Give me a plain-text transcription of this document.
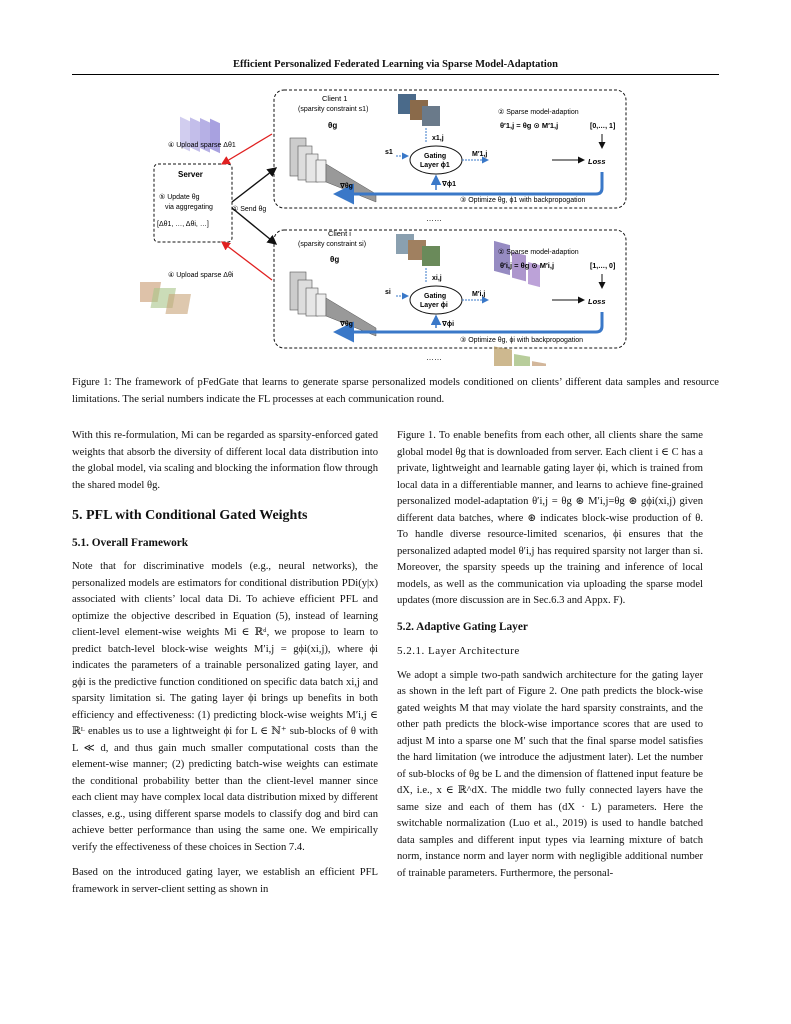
Efficient Personalized Federated Learning via Sparse Model-Adaptation
④ Upload sparse Δθ1
Server
⑤ Update θg
via aggregating
[Δθ1, …, Δθi, …]
① Send θg
④ Upload sparse Δθi
Client 1
(sparsity constraint s1)
θg
x1,j
s1
Gating
Layer ϕ1
M′1,j
② Sparse model-adaption
θ′1,j = θg ⊙ M′1,j	[0,…, 1]
Loss
∇θg	∇ϕ1
③ Optimize θg, ϕ1 with backpropogation
……
Client i
(sparsity constraint si)
θg
xi,j
si
Gating
Layer ϕi
M′i,j
② Sparse model-adaption
θ′i,j = θg ⊙ M′i,j	[1,…, 0]
Loss
∇θg	∇ϕi
③ Optimize θg, ϕi with backpropogation
……
Figure 1: The framework of pFedGate that learns to generate sparse personalized models conditioned on clients’ different data samples and resource limitations. The serial numbers indicate the FL processes at each communication round.

With this re-formulation, Mi can be regarded as sparsity-enforced gated weights that absorb the diversity of different local data distribution into the global model, via scaling and blocking the information flow through the shared model θg.

5. PFL with Conditional Gated Weights
5.1. Overall Framework

Note that for discriminative models (e.g., neural networks), the personalized models are estimators for conditional distribution PDi(y|x) associated with clients’ local data Di. To achieve efficient PFL and optimize the objective described in Equation (5), instead of learning client-level element-wise weights Mi ∈ ℝᵈ, we propose to learn to predict batch-level block-wise weights M′i,j = gϕi(xi,j), where ϕi indicates the parameters of a trainable personalized gating layer, and gϕi is the predictive function conditioned on specific data batch xi,j and sparsity limitation si. The gating layer ϕi brings up benefits in both efficiency and effectiveness: (1) predicting block-wise weights M′i,j ∈ ℝᴸ enables us to use a lightweight ϕi for L ∈ ℕ⁺ sub-blocks of θ with L ≪ d, and thus gain much smaller computational costs than the element-wise manner; (2) predicting batch-wise weights can estimate the conditional probability better than the client-level manner since each client may have complex local data distribution mixed by different classes, e.g., using different sparse models to classify dog and bird can achieve better performance than using the same one. We empirically verify the effectiveness of these choices in Section 7.4.

Based on the introduced gating layer, we establish an efficient PFL framework in server-client setting as shown in

Figure 1. To enable benefits from each other, all clients share the same global model θg that is downloaded from server. Each client i ∈ C has a private, lightweight and learnable gating layer ϕi, which is trained from local data in a differentiable manner, and learns to achieve fine-grained personalized model-adaptation θ′i,j = θg ⊛ M′i,j=θg ⊛ gϕi(xi,j) given different data batches, where ⊛ indicates block-wise production of θ. To handle diverse resource-limited scenarios, ϕi ensures that the personalized adapted model θ′i,j has required sparsity not larger than si. Moreover, the sparsity speeds up the training and inference of local models, as well as the communication via uploading the sparse model updates (more discussion are in Sec.6.3 and Appx. F).

5.2. Adaptive Gating Layer
5.2.1. Layer Architecture

We adopt a simple two-path sandwich architecture for the gating layer as shown in the left part of Figure 2. One path predicts the block-wise gated weights M that may violate the hard sparsity constraints, and the other path predicts the block-wise importance scores that are used to adjust M into a sparse one M′ such that the final sparse model satisfies the hard limitation (we introduce the adjustment later). Let the number of sub-blocks of θg be L and the dimension of flattened input feature be dX, i.e., x ∈ ℝ^dX. The middle two fully connected layers have the same size and each of them has (dX · L) parameters. Here the switchable normalization (Luo et al., 2019) is used to handle batched data samples and different input types via learning mixture of batch norm, instance norm and layer norm with negligible additional number of trainable parameters. Furthermore, the personal-
